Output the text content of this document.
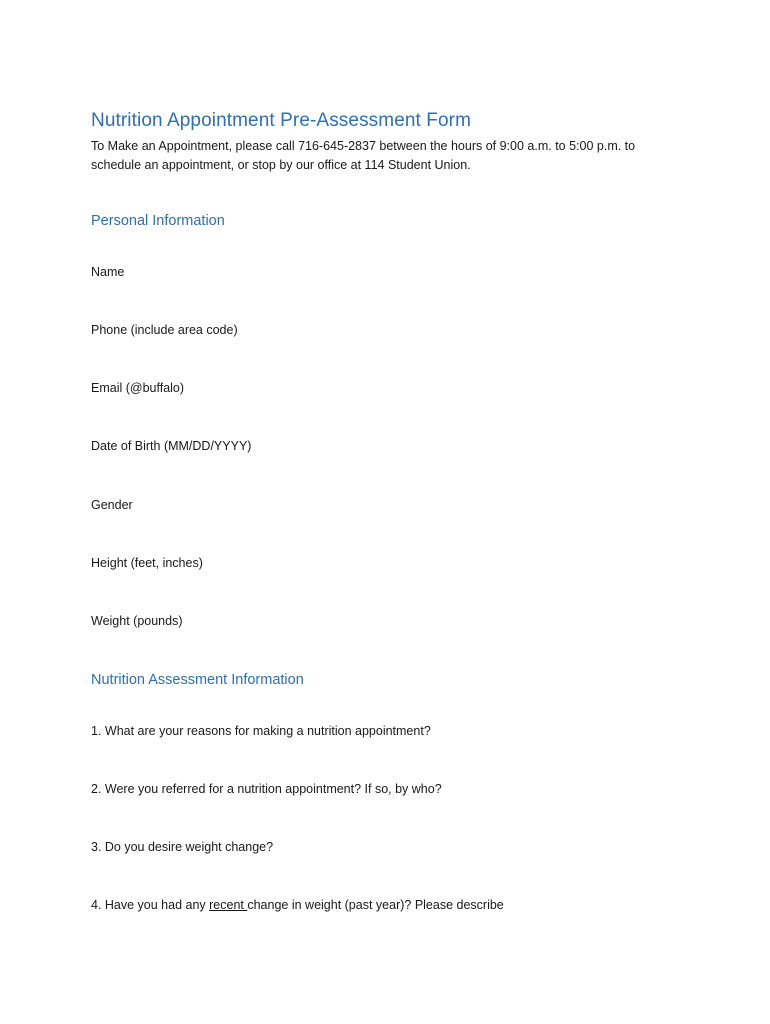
Nutrition Appointment Pre-Assessment Form
To Make an Appointment, please call 716-645-2837 between the hours of 9:00 a.m. to 5:00 p.m. to
schedule an appointment, or stop by our office at 114 Student Union.
Personal Information
Name
Phone (include area code)
Email (@buffalo)
Date of Birth (MM/DD/YYYY)
Gender
Height (feet, inches)
Weight (pounds)
Nutrition Assessment Information
1. What are your reasons for making a nutrition appointment?
2. Were you referred for a nutrition appointment? If so, by who?
3. Do you desire weight change?
4. Have you had any recent change in weight (past year)? Please describe
